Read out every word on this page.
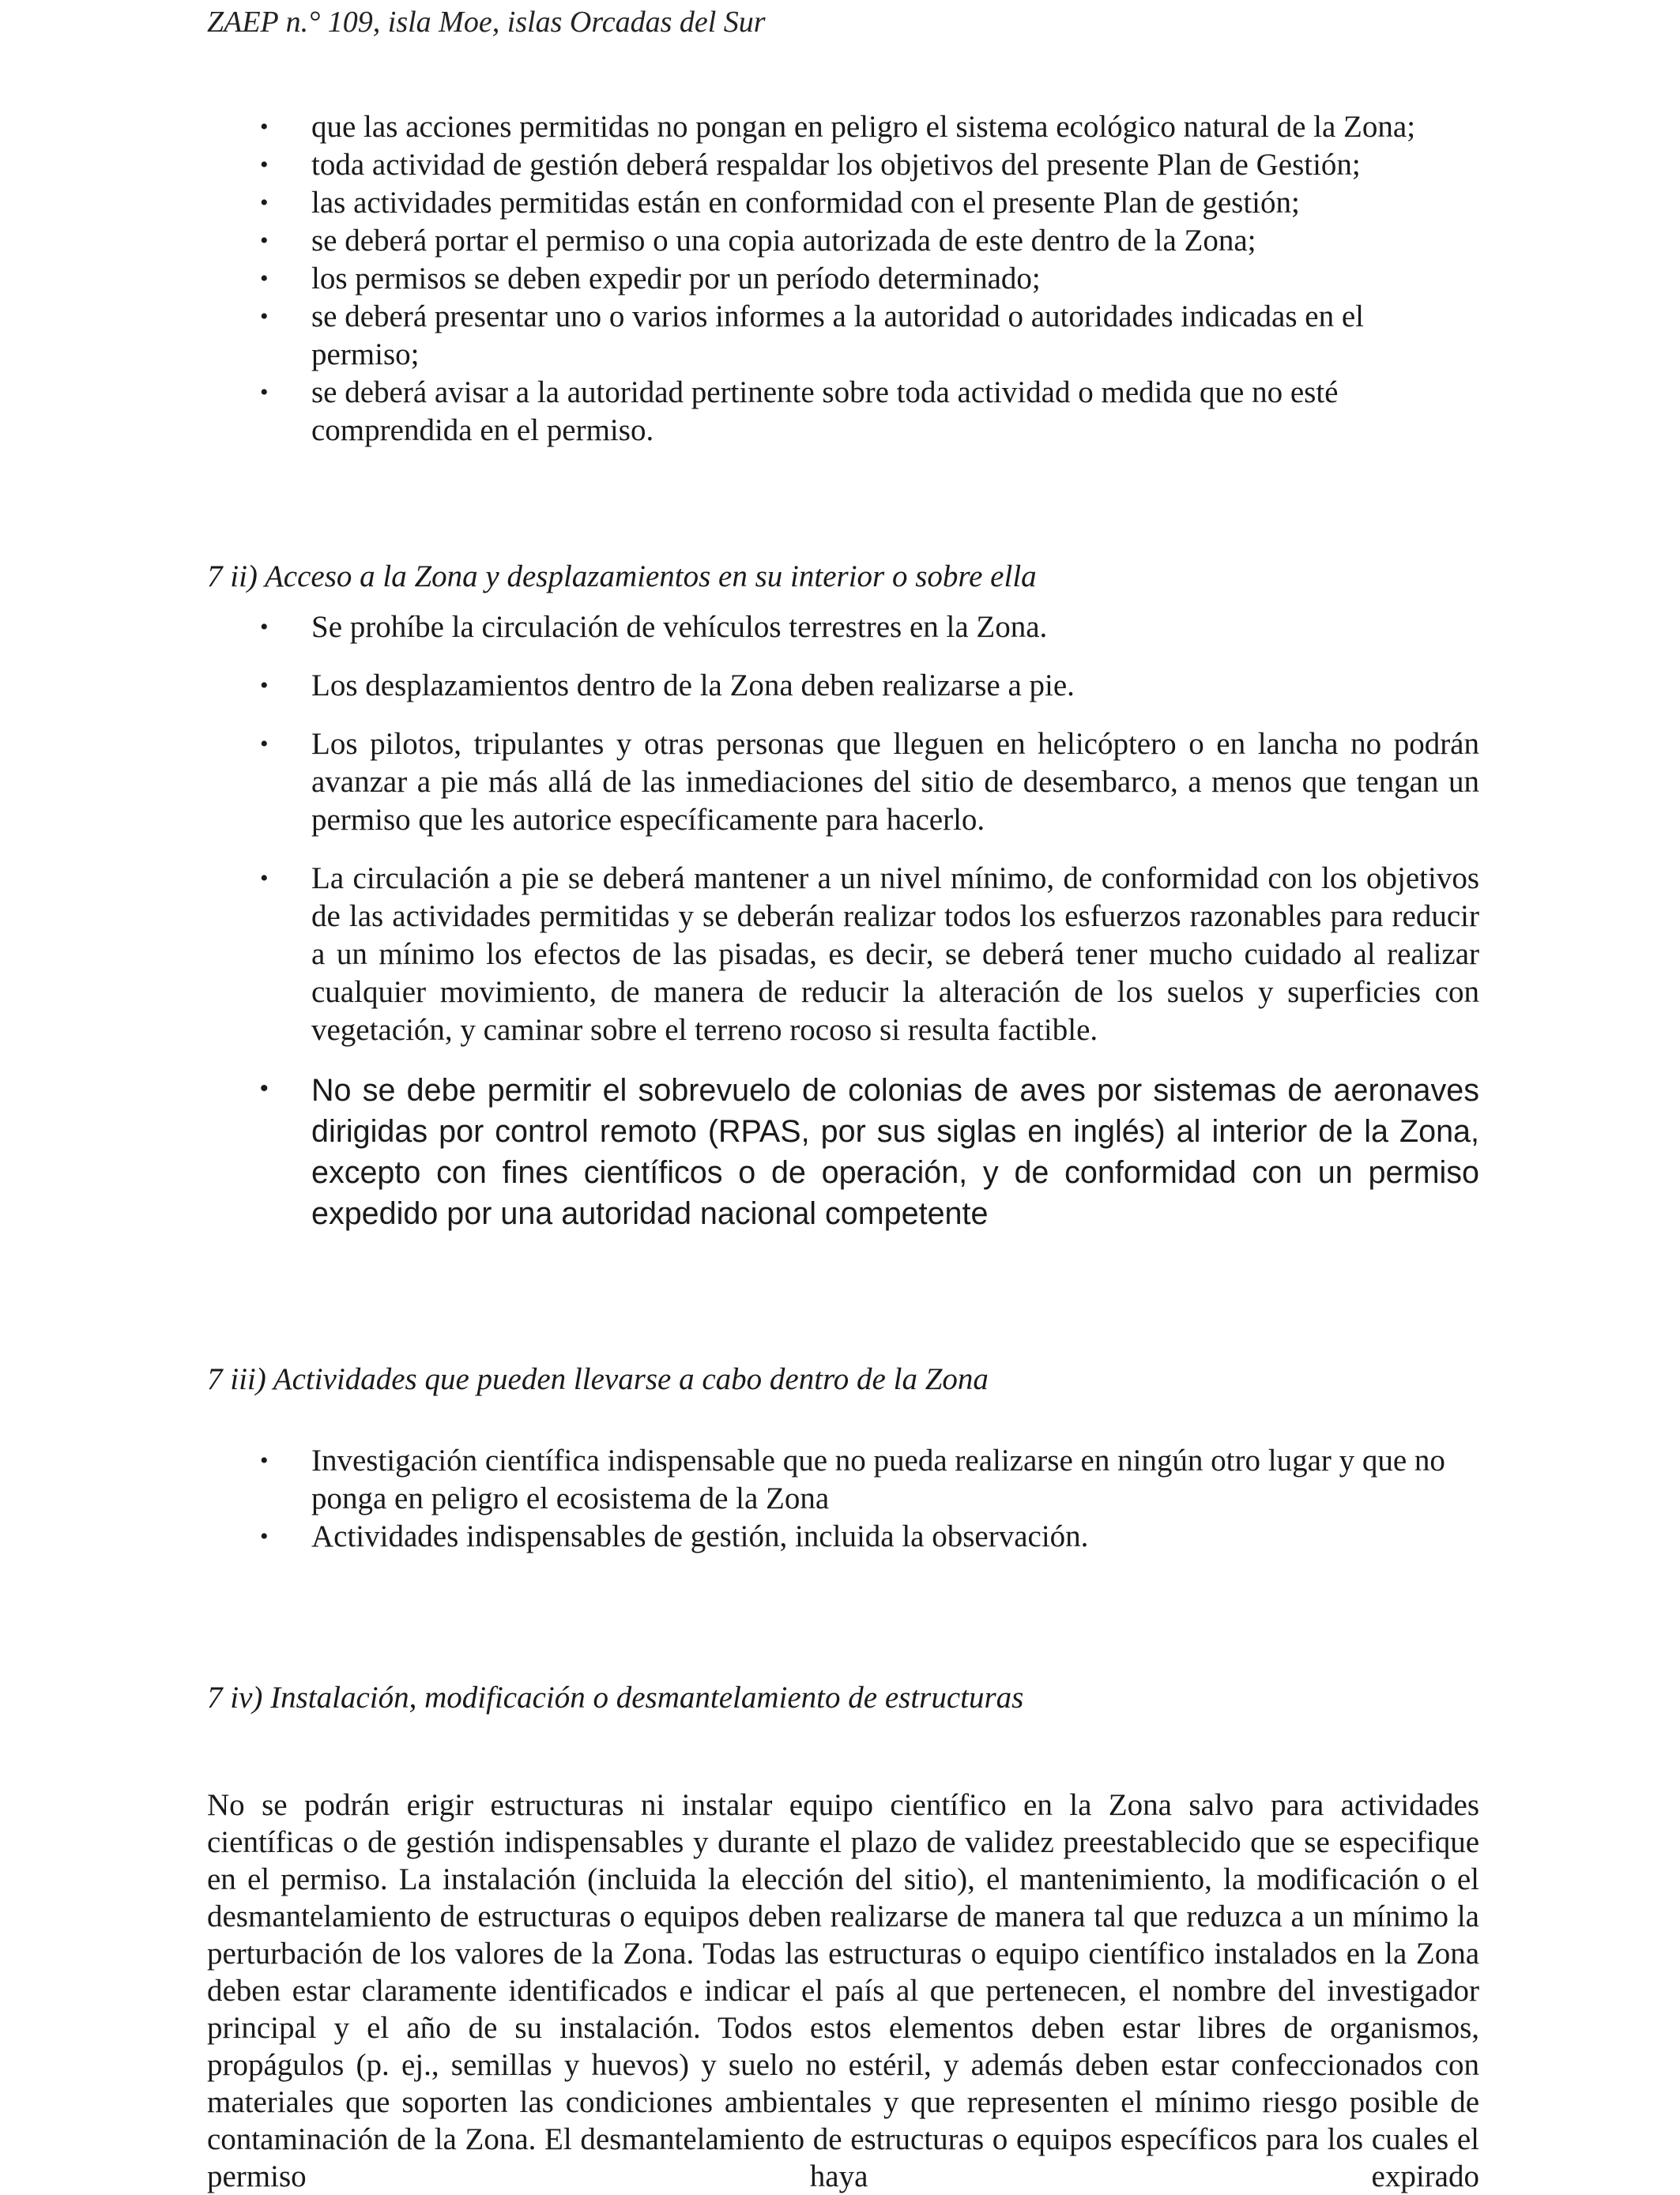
ZAEP n.° 109, isla Moe, islas Orcadas del Sur
• que las acciones permitidas no pongan en peligro el sistema ecológico natural de la Zona;
• toda actividad de gestión deberá respaldar los objetivos del presente Plan de Gestión;
• las actividades permitidas están en conformidad con el presente Plan de gestión;
• se deberá portar el permiso o una copia autorizada de este dentro de la Zona;
• los permisos se deben expedir por un período determinado;
• se deberá presentar uno o varios informes a la autoridad o autoridades indicadas en el permiso;
• se deberá avisar a la autoridad pertinente sobre toda actividad o medida que no esté comprendida en el permiso.
7 ii) Acceso a la Zona y desplazamientos en su interior o sobre ella
• Se prohíbe la circulación de vehículos terrestres en la Zona.
• Los desplazamientos dentro de la Zona deben realizarse a pie.
• Los pilotos, tripulantes y otras personas que lleguen en helicóptero o en lancha no podrán avanzar a pie más allá de las inmediaciones del sitio de desembarco, a menos que tengan un permiso que les autorice específicamente para hacerlo.
• La circulación a pie se deberá mantener a un nivel mínimo, de conformidad con los objetivos de las actividades permitidas y se deberán realizar todos los esfuerzos razonables para reducir a un mínimo los efectos de las pisadas, es decir, se deberá tener mucho cuidado al realizar cualquier movimiento, de manera de reducir la alteración de los suelos y superficies con vegetación, y caminar sobre el terreno rocoso si resulta factible.
• No se debe permitir el sobrevuelo de colonias de aves por sistemas de aeronaves dirigidas por control remoto (RPAS, por sus siglas en inglés) al interior de la Zona, excepto con fines científicos o de operación, y de conformidad con un permiso expedido por una autoridad nacional competente
7 iii) Actividades que pueden llevarse a cabo dentro de la Zona
• Investigación científica indispensable que no pueda realizarse en ningún otro lugar y que no ponga en peligro el ecosistema de la Zona
• Actividades indispensables de gestión, incluida la observación.
7 iv) Instalación, modificación o desmantelamiento de estructuras

No se podrán erigir estructuras ni instalar equipo científico en la Zona salvo para actividades científicas o de gestión indispensables y durante el plazo de validez preestablecido que se especifique en el permiso. La instalación (incluida la elección del sitio), el mantenimiento, la modificación o el desmantelamiento de estructuras o equipos deben realizarse de manera tal que reduzca a un mínimo la perturbación de los valores de la Zona. Todas las estructuras o equipo científico instalados en la Zona deben estar claramente identificados e indicar el país al que pertenecen, el nombre del investigador principal y el año de su instalación. Todos estos elementos deben estar libres de organismos, propágulos (p. ej., semillas y huevos) y suelo no estéril, y además deben estar confeccionados con materiales que soporten las condiciones ambientales y que representen el mínimo riesgo posible de contaminación de la Zona. El desmantelamiento de estructuras o equipos específicos para los cuales el permiso haya expirado
